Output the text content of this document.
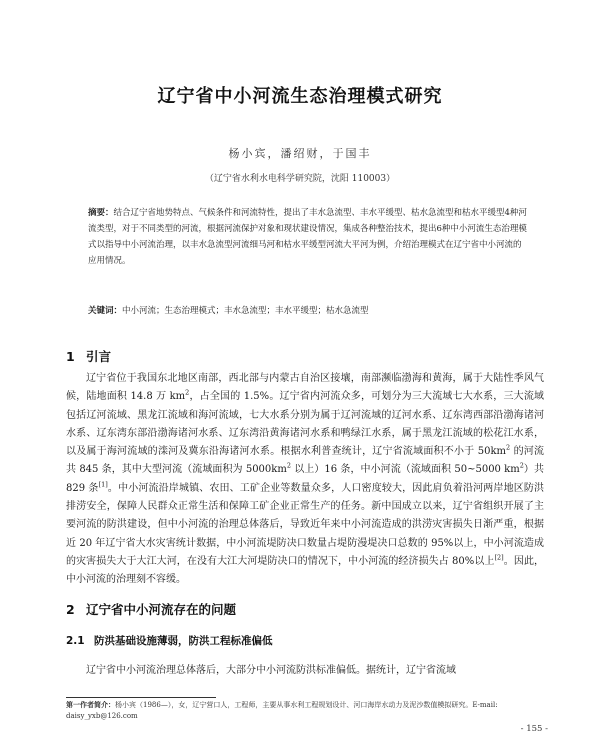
辽宁省中小河流生态治理模式研究
杨小宾，潘绍财，于国丰
（辽宁省水利水电科学研究院，沈阳 110003）
摘要：结合辽宁省地势特点、气候条件和河流特性，提出了丰水急流型、丰水平缓型、枯水急流型和枯水平缓型4种河流类型，对于不同类型的河流，根据河流保护对象和现状建设情况，集成各种整治技术，提出6种中小河流生态治理模式以指导中小河流治理，以丰水急流型河流细马河和枯水平缓型河流大平河为例，介绍治理模式在辽宁省中小河流的应用情况。
关键词：中小河流；生态治理模式；丰水急流型；丰水平缓型；枯水急流型
1 引言
辽宁省位于我国东北地区南部，西北部与内蒙古自治区接壤，南部濒临渤海和黄海，属于大陆性季风气候，陆地面积 14.8 万 $km^2$，占全国的 1.5%。辽宁省内河流众多，可划分为三大流域七大水系，三大流域包括辽河流域、黑龙江流域和海河流域，七大水系分别为属于辽河流域的辽河水系、辽东湾西部沿渤海诸河水系、辽东湾东部沿渤海诸河水系、辽东湾沿黄海诸河水系和鸭绿江水系，属于黑龙江流域的松花江水系，以及属于海河流域的滦河及冀东沿海诸河水系。根据水利普查统计，辽宁省流域面积不小于 $50km^2$ 的河流共 845 条，其中大型河流（流域面积为 $5000km^2$ 以上）16 条，中小河流（流域面积 50~5000 $km^2$）共 829 条[1]。中小河流沿岸城镇、农田、工矿企业等数量众多，人口密度较大，因此肩负着沿河两岸地区防洪排涝安全，保障人民群众正常生活和保障工矿企业正常生产的任务。新中国成立以来，辽宁省组织开展了主要河流的防洪建设，但中小河流的治理总体落后，导致近年来中小河流造成的洪涝灾害损失日渐严重，根据近 20 年辽宁省大水灾害统计数据，中小河流堤防决口数量占堤防漫堤决口总数的 95%以上，中小河流造成的灾害损失大于大江大河，在没有大江大河堤防决口的情况下，中小河流的经济损失占 80%以上[2]。因此，中小河流的治理刻不容缓。
2 辽宁省中小河流存在的问题
2.1 防洪基础设施薄弱，防洪工程标准偏低
辽宁省中小河流治理总体落后，大部分中小河流防洪标准偏低。据统计，辽宁省流域
第一作者简介：杨小宾（1986—），女，辽宁营口人，工程师，主要从事水利工程规划设计、河口海岸水动力及泥沙数值模拟研究。E-mail: daisy_yxb@126.com
- 155 -
